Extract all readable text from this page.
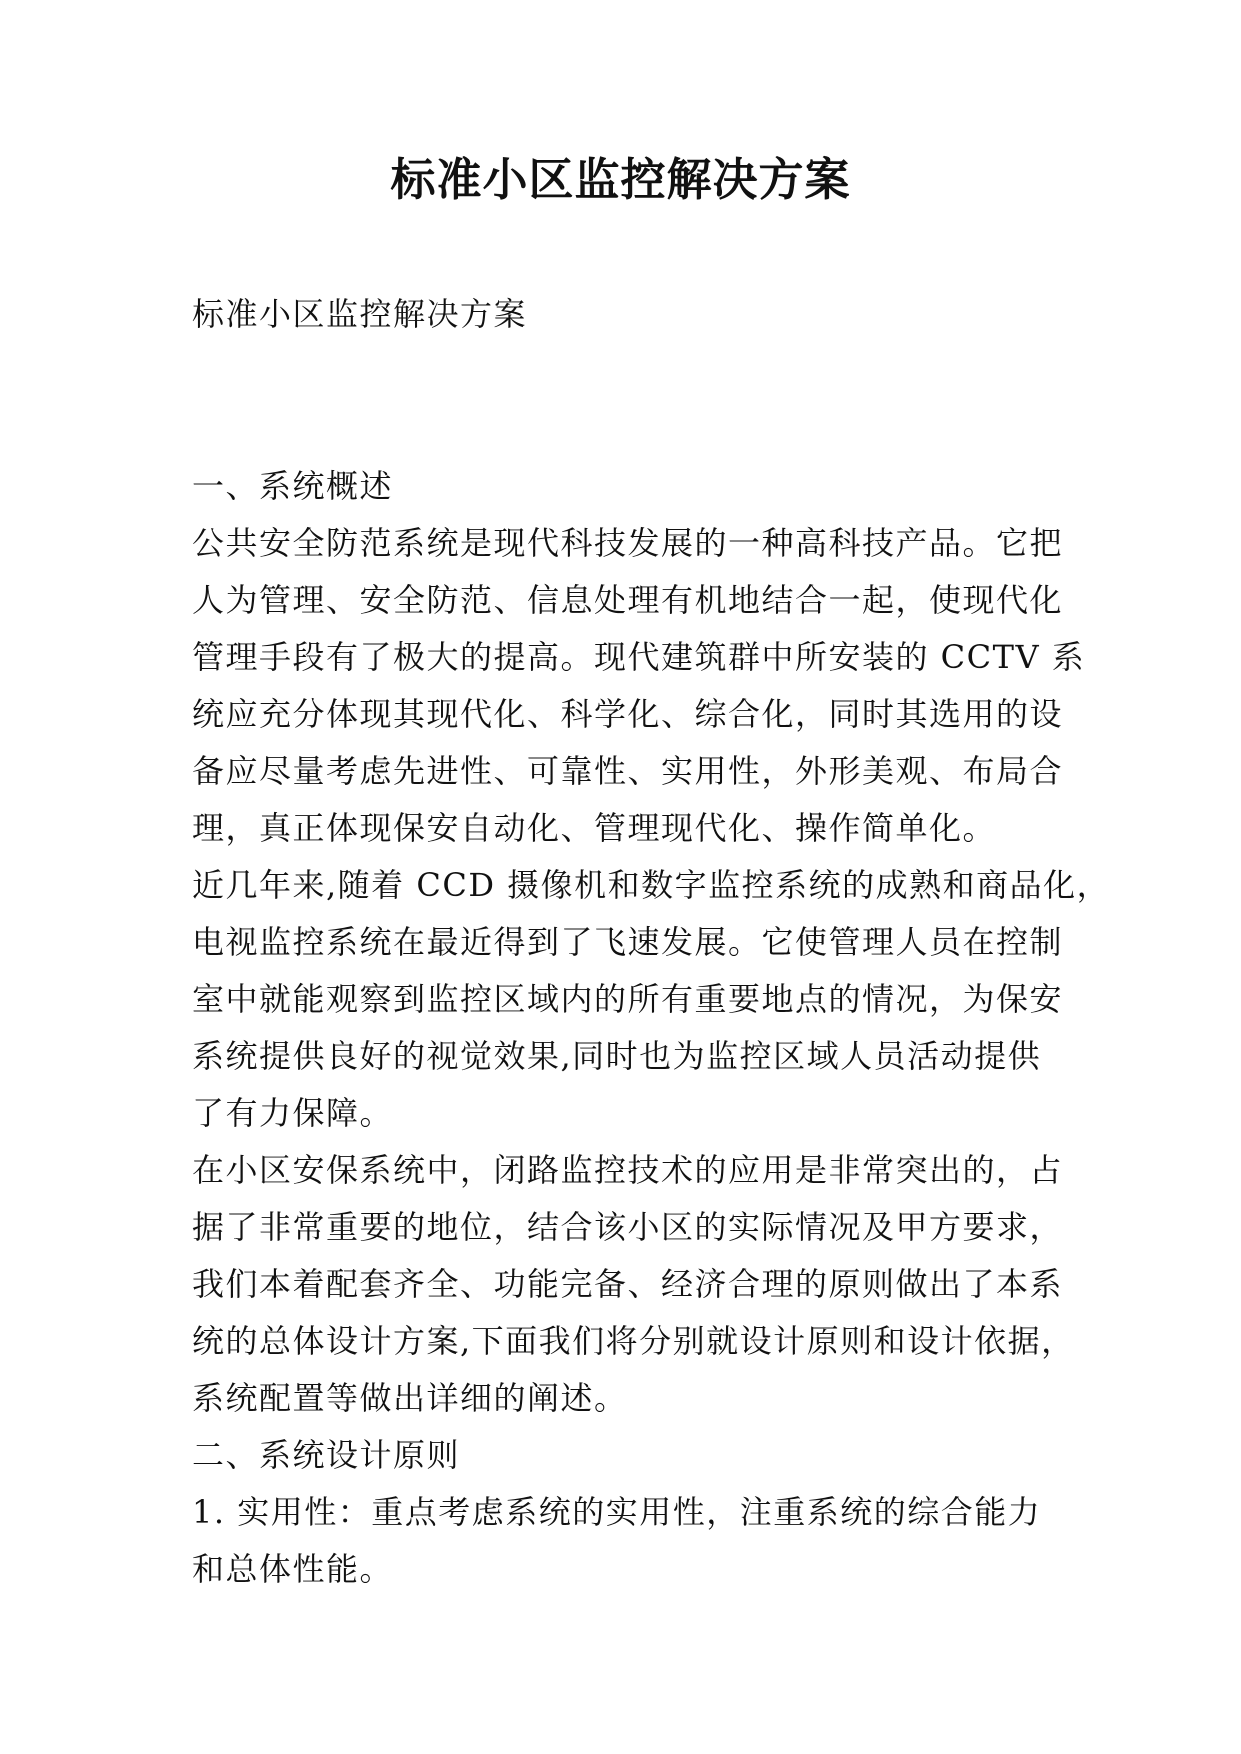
标准小区监控解决方案
标准小区监控解决方案
一、系统概述
公共安全防范系统是现代科技发展的一种高科技产品。它把
人为管理、安全防范、信息处理有机地结合一起，使现代化
管理手段有了极大的提高。现代建筑群中所安装的 CCTV 系
统应充分体现其现代化、科学化、综合化，同时其选用的设
备应尽量考虑先进性、可靠性、实用性，外形美观、布局合
理，真正体现保安自动化、管理现代化、操作简单化。
近几年来,随着 CCD 摄像机和数字监控系统的成熟和商品化，
电视监控系统在最近得到了飞速发展。它使管理人员在控制
室中就能观察到监控区域内的所有重要地点的情况，为保安
系统提供良好的视觉效果,同时也为监控区域人员活动提供
了有力保障。
在小区安保系统中，闭路监控技术的应用是非常突出的，占
据了非常重要的地位，结合该小区的实际情况及甲方要求，
我们本着配套齐全、功能完备、经济合理的原则做出了本系
统的总体设计方案,下面我们将分别就设计原则和设计依据，
系统配置等做出详细的阐述。
二、系统设计原则
1. 实用性：重点考虑系统的实用性，注重系统的综合能力
和总体性能。
